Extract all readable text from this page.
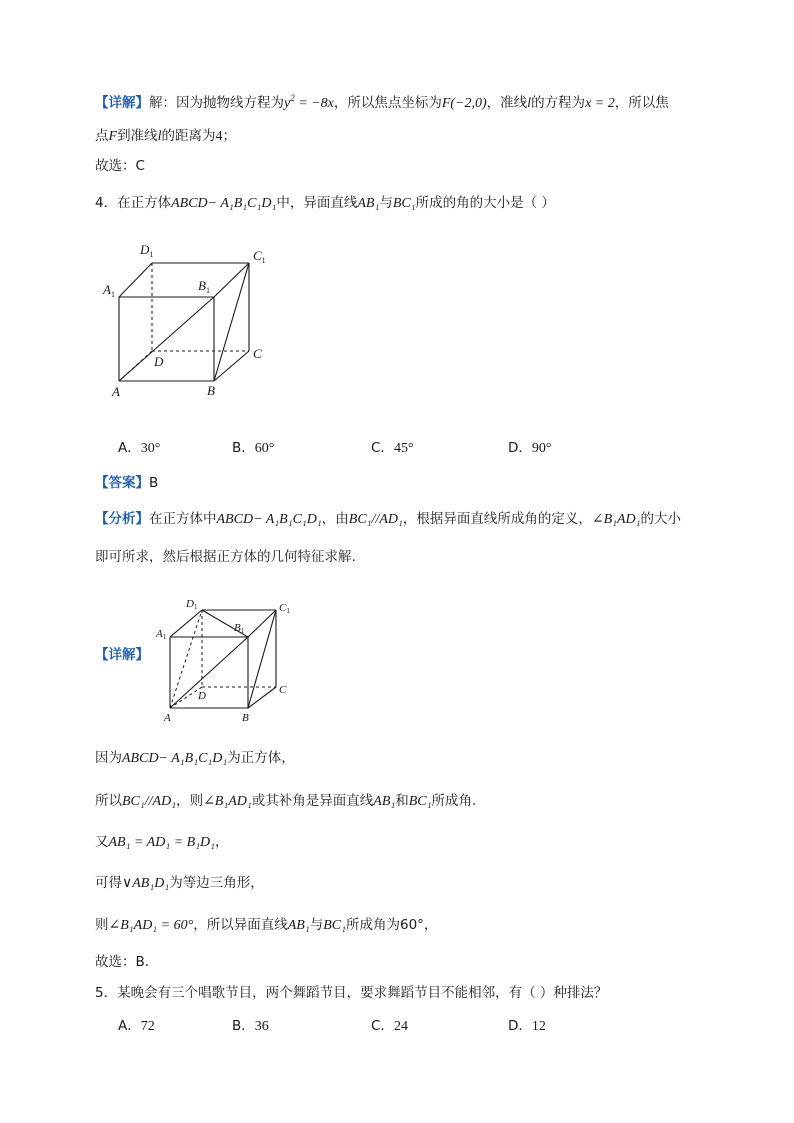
【详解】解：因为抛物线方程为$y^2 = -8x$，所以焦点坐标为F(−2,0)，准线l的方程为x = 2，所以焦
点F到准线l的距离为4；
故选：C
4．在正方体ABCD− A₁B₁C₁D₁中，异面直线AB₁与BC₁所成的角的大小是（ ）
$D_1$	$C_1$
$A_1$
$B_1$
D
C
A	B
A．30°	B．60°	C．45°	D．90°
【答案】B
【分析】在正方体中ABCD− A₁B₁C₁D₁，由BC₁//AD₁，根据异面直线所成角的定义，∠B₁AD₁的大小
即可所求，然后根据正方体的几何特征求解.
【详解】
D1	C1
A1
B1
D	C
A	B
因为ABCD− A₁B₁C₁D₁为正方体，
所以BC₁//AD₁，则∠B₁AD₁或其补角是异面直线AB₁和BC₁所成角.
又AB₁ = AD₁ = B₁D₁，
可得∨AB₁D₁为等边三角形，
则∠B₁AD₁ = 60°，所以异面直线AB₁与BC₁所成角为60°，
故选：B.
5．某晚会有三个唱歌节目，两个舞蹈节目，要求舞蹈节目不能相邻，有（ ）种排法？
A．72	B．36	C．24	D．12
